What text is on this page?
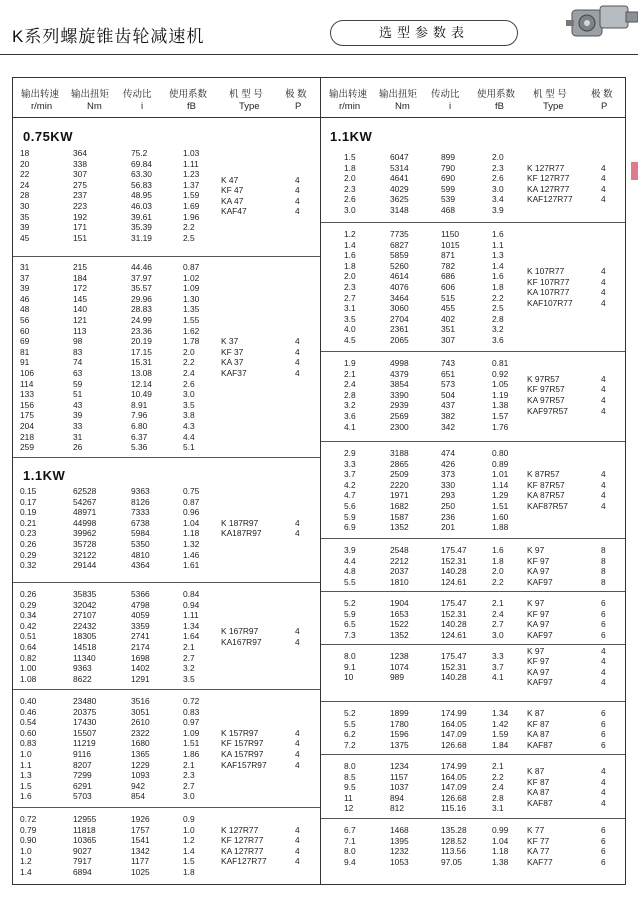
K系列螺旋锥齿轮减速机	选型参数表
输出转速 输出扭矩 传动比 使用系数 机 型 号 极 数
r/min	Nm	i	fB	Type	P
0.75KW
18	364	75.2	1.03
20	338	69.84	1.11
22	307	63.30	1.23
24	275	56.83	1.37
28	237	48.95	1.59
30	223	46.03	1.69
35	192	39.61	1.96
39	171	35.39	2.2
45	151	31.19	2.5
K 47	4
KF 47	4
KA 47	4
KAF47	4
31	215	44.46	0.87
37	184	37.97	1.02
39	172	35.57	1.09
46	145	29.96	1.30
48	140	28.83	1.35
56	121	24.99	1.55
60	113	23.36	1.62
69	98	20.19	1.78
81	83	17.15	2.0
91	74	15.31	2.2
106	63	13.08	2.4
114	59	12.14	2.6
133	51	10.49	3.0
156	43	8.91	3.5
175	39	7.96	3.8
204	33	6.80	4.3
218	31	6.37	4.4
259	26	5.36	5.1
K 37	4
KF 37	4
KA 37	4
KAF37	4
1.1KW
0.15	62528	9363	0.75
0.17	54267	8126	0.87
0.19	48971	7333	0.96
0.21	44998	6738	1.04
0.23	39962	5984	1.18
0.26	35728	5350	1.32
0.29	32122	4810	1.46
0.32	29144	4364	1.61
K 187R97	4
KA187R97	4
0.26	35835	5366	0.84
0.29	32042	4798	0.94
0.34	27107	4059	1.11
0.42	22432	3359	1.34
0.51	18305	2741	1.64
0.64	14518	2174	2.1
0.82	11340	1698	2.7
1.00	9363	1402	3.2
1.08	8622	1291	3.5
K 167R97	4
KA167R97	4
0.40	23480	3516	0.72
0.46	20375	3051	0.83
0.54	17430	2610	0.97
0.60	15507	2322	1.09
0.83	11219	1680	1.51
1.0	9116	1365	1.86
1.1	8207	1229	2.1
1.3	7299	1093	2.3
1.5	6291	942	2.7
1.6	5703	854	3.0
K 157R97	4
KF 157R97	4
KA 157R97	4
KAF157R97	4
0.72	12955	1926	0.9
0.79	11818	1757	1.0
0.90	10365	1541	1.2
1.0	9027	1342	1.4
1.2	7917	1177	1.5
1.4	6894	1025	1.8
K 127R77	4
KF 127R77	4
KA 127R77	4
KAF127R77	4
输出转速 输出扭矩 传动比 使用系数 机 型 号	极 数
r/min	Nm	i	fB	Type	P
1.1KW
1.5	6047	899	2.0
1.8	5314	790	2.3
2.0	4641	690	2.6
2.3	4029	599	3.0
2.6	3625	539	3.4
3.0	3148	468	3.9
K 127R77	4
KF 127R77	4
KA 127R77	4
KAF127R77	4
1.2	7735	1150	1.6
1.4	6827	1015	1.1
1.6	5859	871	1.3
1.8	5260	782	1.4
2.0	4614	686	1.6
2.3	4076	606	1.8
2.7	3464	515	2.2
3.1	3060	455	2.5
3.5	2704	402	2.8
4.0	2361	351	3.2
4.5	2065	307	3.6
K 107R77	4
KF 107R77	4
KA 107R77	4
KAF107R77	4
1.9	4998	743	0.81
2.1	4379	651	0.92
2.4	3854	573	1.05
2.8	3390	504	1.19
3.2	2939	437	1.38
3.6	2569	382	1.57
4.1	2300	342	1.76
K 97R57	4
KF 97R57	4
KA 97R57	4
KAF97R57	4
2.9	3188	474	0.80
3.3	2865	426	0.89
3.7	2509	373	1.01
4.2	2220	330	1.14
4.7	1971	293	1.29
5.6	1682	250	1.51
5.9	1587	236	1.60
6.9	1352	201	1.88
K 87R57	4
KF 87R57	4
KA 87R57	4
KAF87R57	4
3.9	2548	175.47	1.6
4.4	2212	152.31	1.8
4.8	2037	140.28	2.0
5.5	1810	124.61	2.2
K 97	8
KF 97	8
KA 97	8
KAF97	8
5.2	1904	175.47	2.1
5.9	1653	152.31	2.4
6.5	1522	140.28	2.7
7.3	1352	124.61	3.0
K 97	6
KF 97	6
KA 97	6
KAF97	6
8.0	1238	175.47	3.3
9.1	1074	152.31	3.7
10	989	140.28	4.1
K 97	4
KF 97	4
KA 97	4
KAF97	4
5.2	1899	174.99	1.34
5.5	1780	164.05	1.42
6.2	1596	147.09	1.59
7.2	1375	126.68	1.84
K 87	6
KF 87	6
KA 87	6
KAF87	6
8.0	1234	174.99	2.1
8.5	1157	164.05	2.2
9.5	1037	147.09	2.4
11	894	126.68	2.8
12	812	115.16	3.1
K 87	4
KF 87	4
KA 87	4
KAF87	4
6.7	1468	135.28	0.99
7.1	1395	128.52	1.04
8.0	1232	113.56	1.18
9.4	1053	97.05	1.38
K 77	6
KF 77	6
KA 77	6
KAF77	6
